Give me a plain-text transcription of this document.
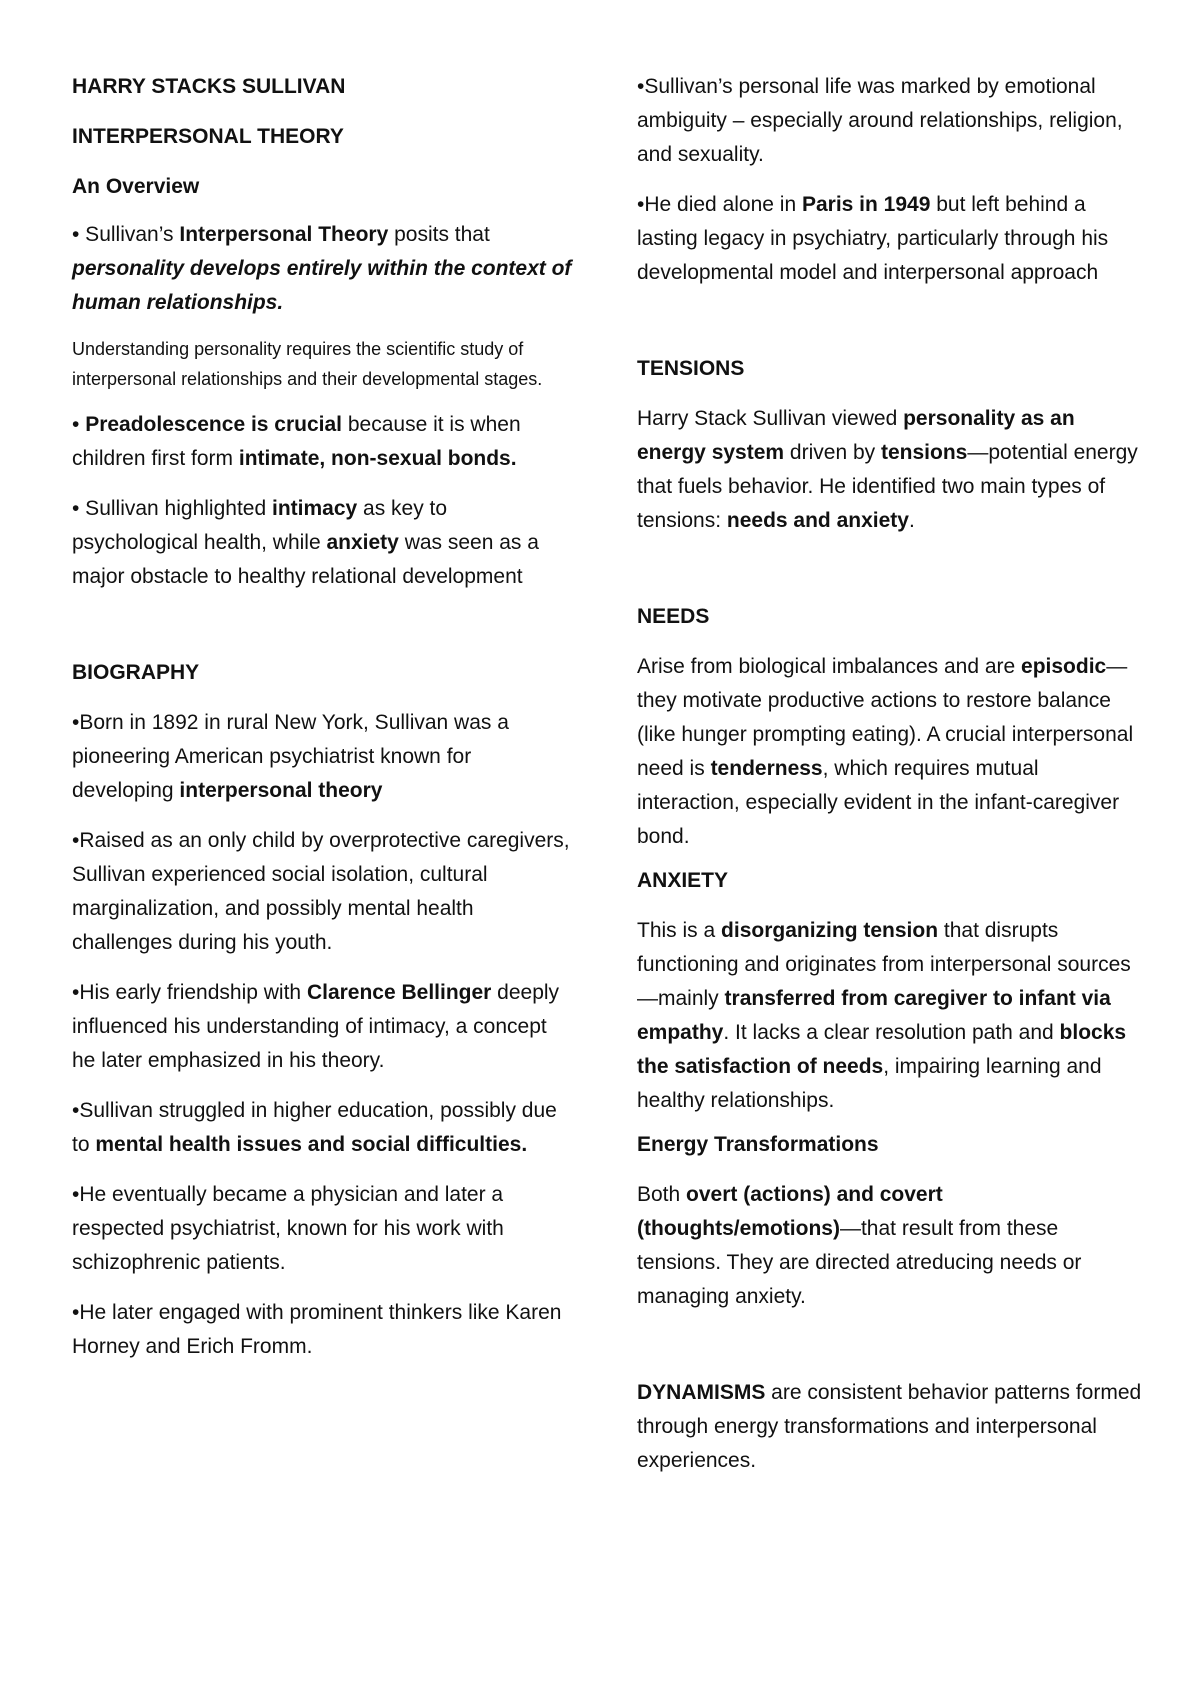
HARRY STACKS SULLIVAN

INTERPERSONAL THEORY

An Overview

• Sullivan’s Interpersonal Theory posits that personality develops entirely within the context of human relationships.

Understanding personality requires the scientific study of interpersonal relationships and their developmental stages.

• Preadolescence is crucial because it is when children first form intimate, non-sexual bonds.

• Sullivan highlighted intimacy as key to psychological health, while anxiety was seen as a major obstacle to healthy relational development

BIOGRAPHY

•Born in 1892 in rural New York, Sullivan was a pioneering American psychiatrist known for developing interpersonal theory

•Raised as an only child by overprotective caregivers, Sullivan experienced social isolation, cultural marginalization, and possibly mental health challenges during his youth.

•His early friendship with Clarence Bellinger deeply influenced his understanding of intimacy, a concept he later emphasized in his theory.

•Sullivan struggled in higher education, possibly due to mental health issues and social difficulties.

•He eventually became a physician and later a respected psychiatrist, known for his work with schizophrenic patients.

•He later engaged with prominent thinkers like Karen Horney and Erich Fromm.

•Sullivan’s personal life was marked by emotional ambiguity – especially around relationships, religion, and sexuality.

•He died alone in Paris in 1949 but left behind a lasting legacy in psychiatry, particularly through his developmental model and interpersonal approach

TENSIONS

Harry Stack Sullivan viewed personality as an energy system driven by tensions—potential energy that fuels behavior. He identified two main types of tensions: needs and anxiety.

NEEDS

Arise from biological imbalances and are episodic—they motivate productive actions to restore balance (like hunger prompting eating). A crucial interpersonal need is tenderness, which requires mutual interaction, especially evident in the infant-caregiver bond.

ANXIETY

This is a disorganizing tension that disrupts functioning and originates from interpersonal sources—mainly transferred from caregiver to infant via empathy. It lacks a clear resolution path and blocks the satisfaction of needs, impairing learning and healthy relationships.

Energy Transformations

Both overt (actions) and covert (thoughts/emotions)—that result from these tensions. They are directed atreducing needs or managing anxiety.

DYNAMISMS are consistent behavior patterns formed through energy transformations and interpersonal experiences.
